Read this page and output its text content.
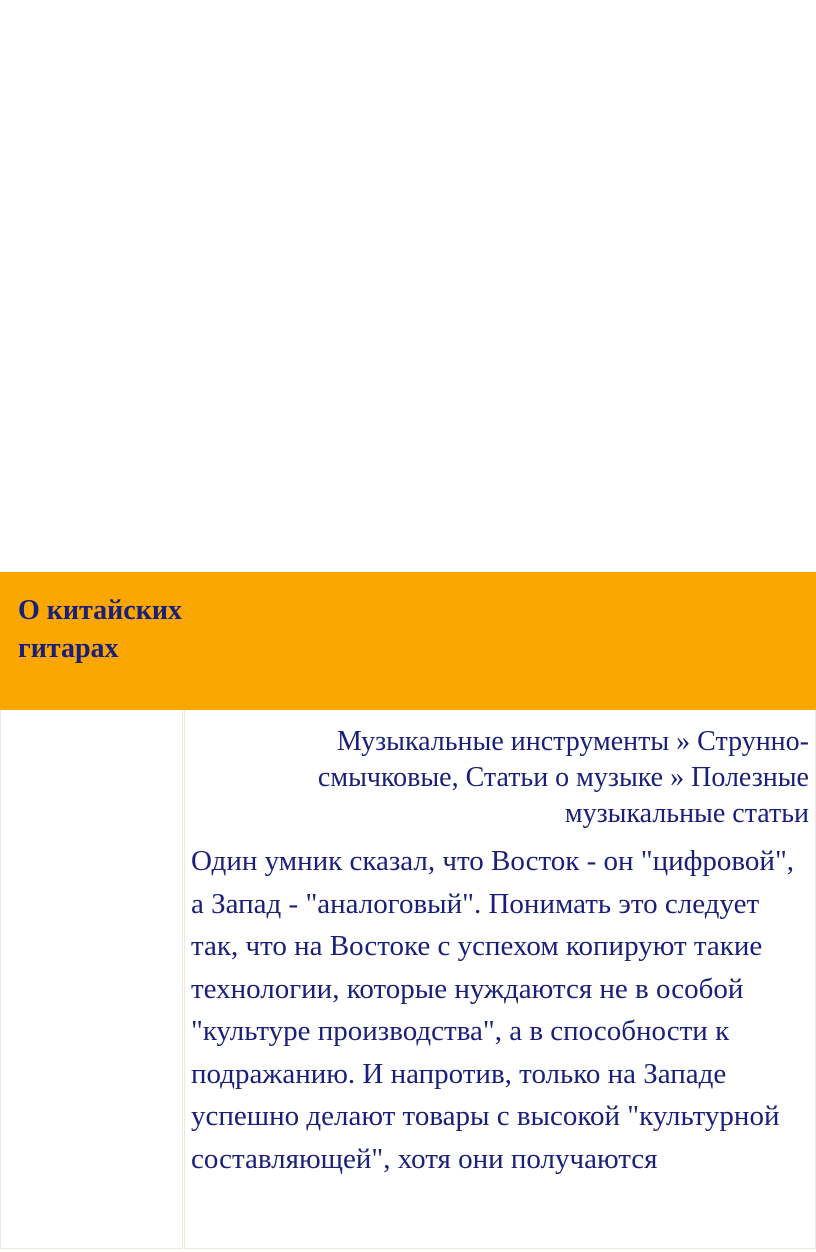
О китайских гитарах
Музыкальные инструменты » Струнно-смычковые, Статьи о музыке » Полезные музыкальные статьи
Один умник сказал, что Восток - он "цифровой", а Запад - "аналоговый". Понимать это следует так, что на Востоке с успехом копируют такие технологии, которые нуждаются не в особой "культуре производства", а в способности к подражанию. И напротив, только на Западе успешно делают товары с высокой "культурной составляющей", хотя они получаются
